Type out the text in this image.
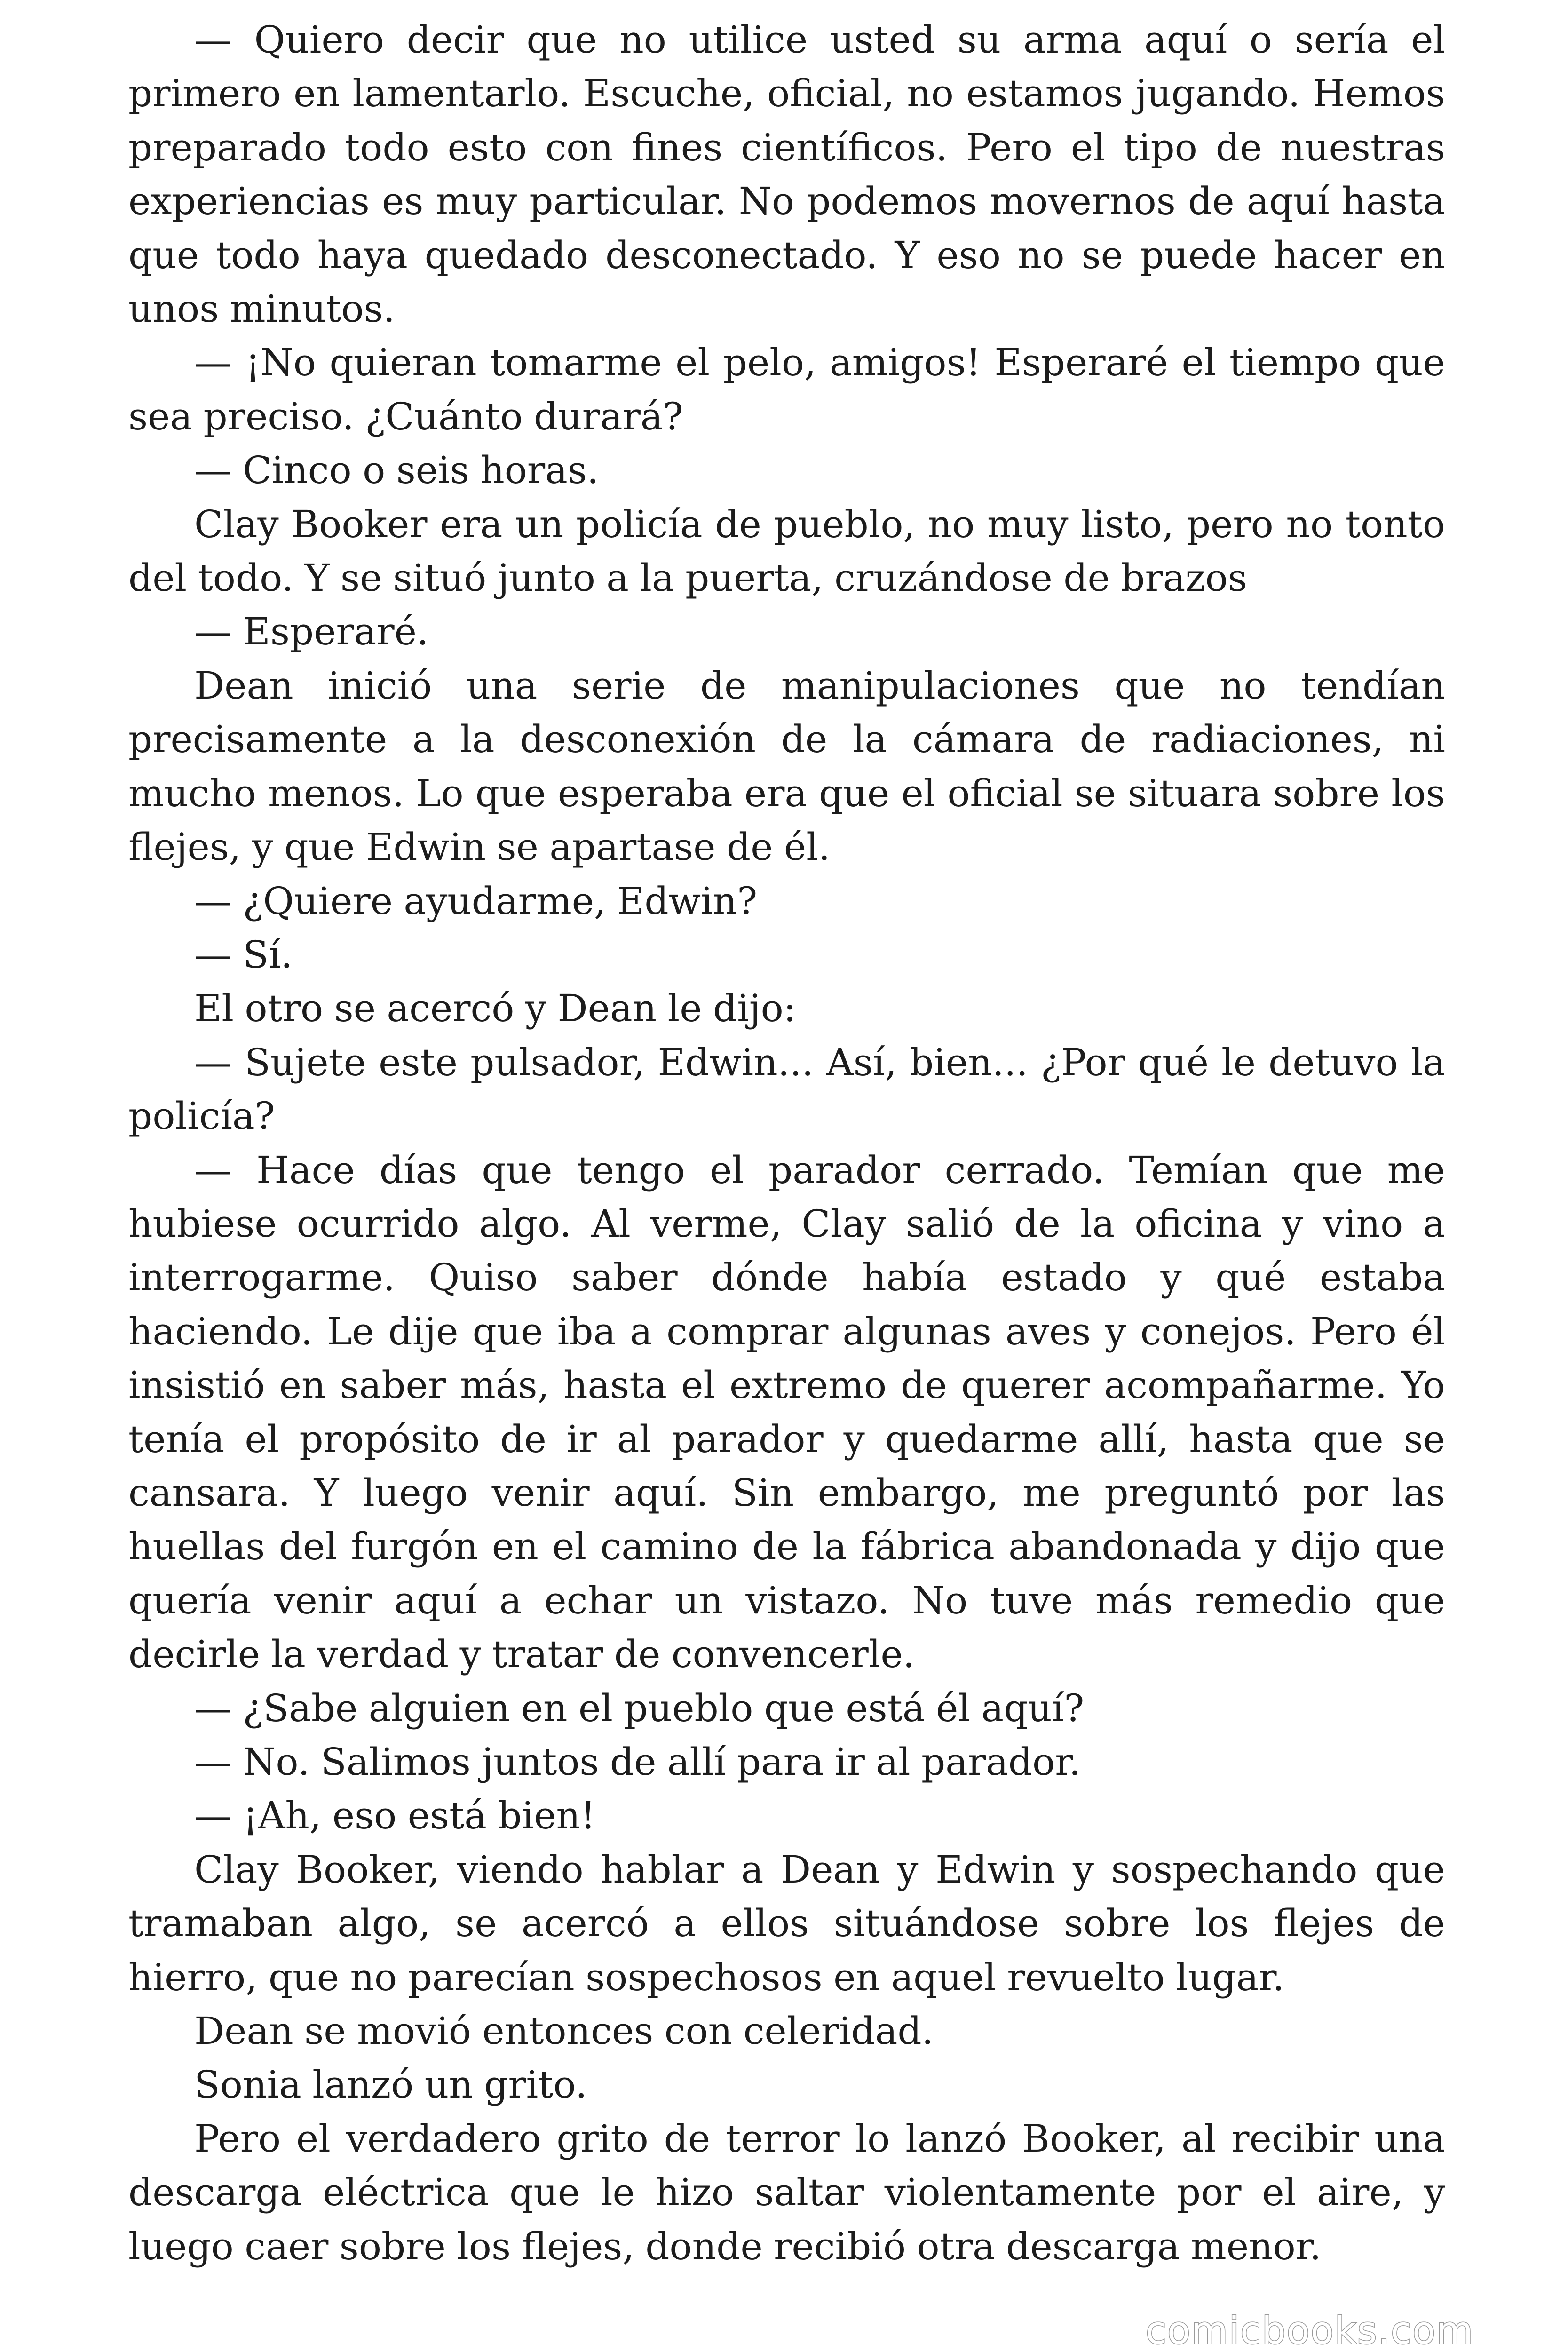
— Quiero decir que no utilice usted su arma aquí o sería el primero en lamentarlo. Escuche, oficial, no estamos jugando. Hemos preparado todo esto con fines científicos. Pero el tipo de nuestras experiencias es muy particular. No podemos movernos de aquí hasta que todo haya quedado desconectado. Y eso no se puede hacer en unos minutos.

— ¡No quieran tomarme el pelo, amigos! Esperaré el tiempo que sea preciso. ¿Cuánto durará?

— Cinco o seis horas.

Clay Booker era un policía de pueblo, no muy listo, pero no tonto del todo. Y se situó junto a la puerta, cruzándose de brazos

— Esperaré.

Dean inició una serie de manipulaciones que no tendían precisamente a la desconexión de la cámara de radiaciones, ni mucho menos. Lo que esperaba era que el oficial se situara sobre los flejes, y que Edwin se apartase de él.

— ¿Quiere ayudarme, Edwin?

— Sí.

El otro se acercó y Dean le dijo:

— Sujete este pulsador, Edwin... Así, bien... ¿Por qué le detuvo la policía?

— Hace días que tengo el parador cerrado. Temían que me hubiese ocurrido algo. Al verme, Clay salió de la oficina y vino a interrogarme. Quiso saber dónde había estado y qué estaba haciendo. Le dije que iba a comprar algunas aves y conejos. Pero él insistió en saber más, hasta el extremo de querer acompañarme. Yo tenía el propósito de ir al parador y quedarme allí, hasta que se cansara. Y luego venir aquí. Sin embargo, me preguntó por las huellas del furgón en el camino de la fábrica abandonada y dijo que quería venir aquí a echar un vistazo. No tuve más remedio que decirle la verdad y tratar de convencerle.

— ¿Sabe alguien en el pueblo que está él aquí?

— No. Salimos juntos de allí para ir al parador.

— ¡Ah, eso está bien!

Clay Booker, viendo hablar a Dean y Edwin y sospechando que tramaban algo, se acercó a ellos situándose sobre los flejes de hierro, que no parecían sospechosos en aquel revuelto lugar.

Dean se movió entonces con celeridad.

Sonia lanzó un grito.

Pero el verdadero grito de terror lo lanzó Booker, al recibir una descarga eléctrica que le hizo saltar violentamente por el aire, y luego caer sobre los flejes, donde recibió otra descarga menor.

comicbooks.com
